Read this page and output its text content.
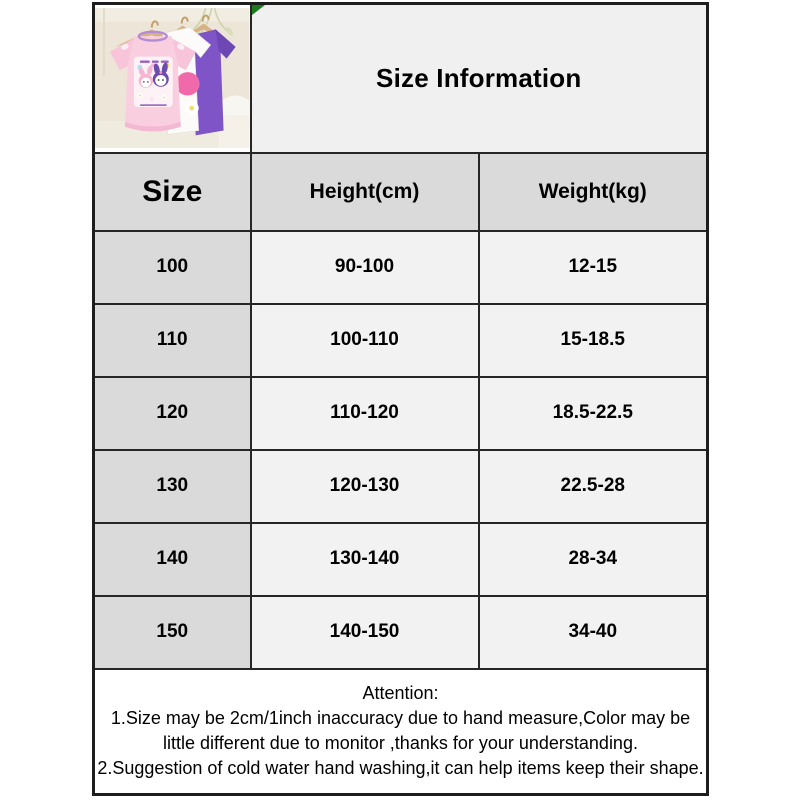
Size Information	
Size	Height(cm)	Weight(kg)
100	90-100	12-15
110	100-110	15-18.5
120	110-120	18.5-22.5
130	120-130	22.5-28
140	130-140	28-34
150	140-150	34-40

Attention:

1.Size may be 2cm/1inch inaccuracy due to hand measure,Color may be little different due to monitor ,thanks for your understanding.

2.Suggestion of cold water hand washing,it can help items keep their shape.		
